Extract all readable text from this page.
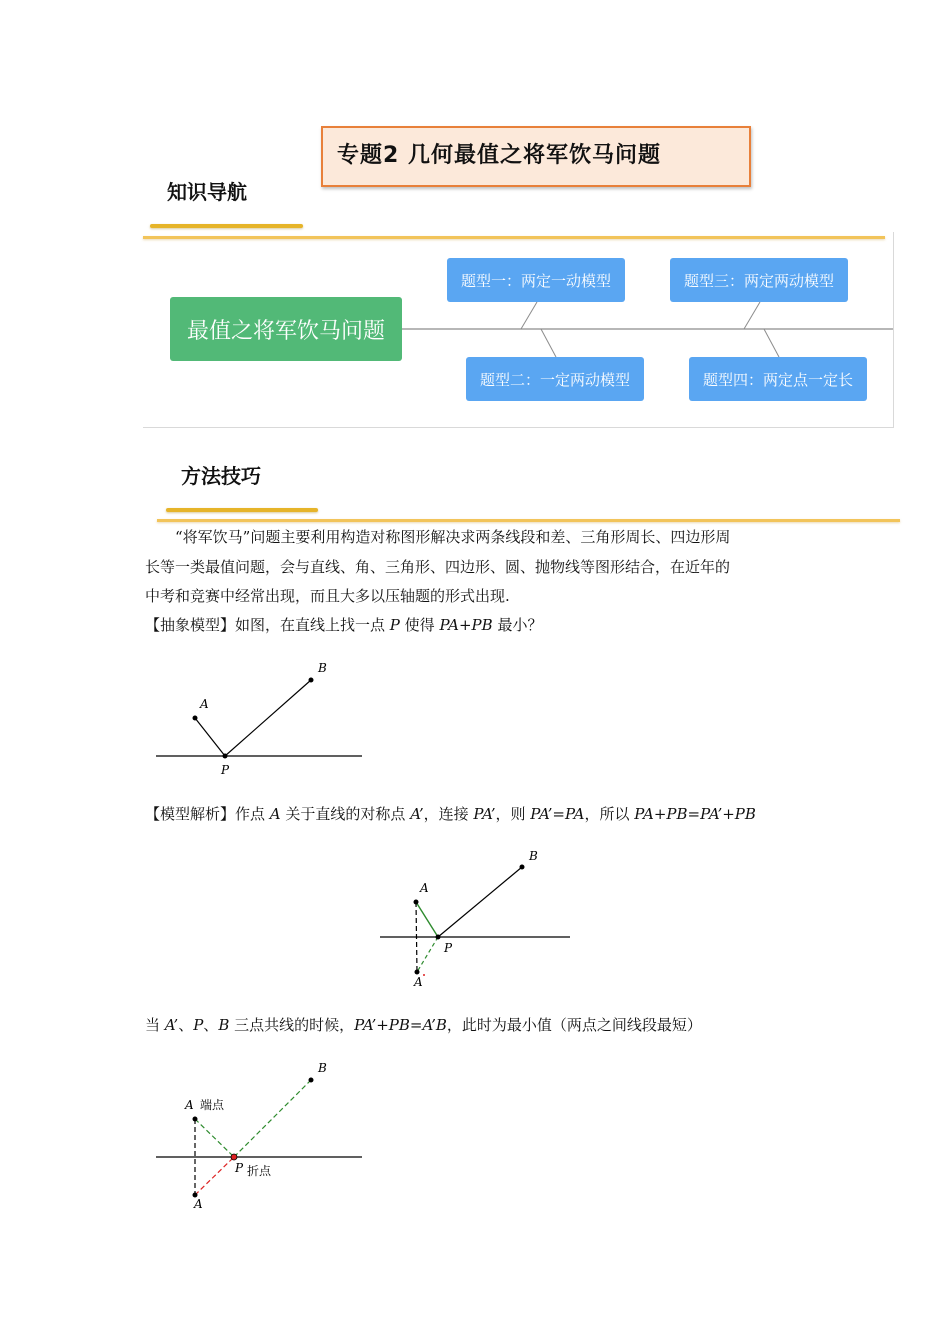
专题2 几何最值之将军饮马问题
知识导航
最值之将军饮马问题
题型一：两定一动模型
题型二：一定两动模型
题型三：两定两动模型
题型四：两定点一定长
方法技巧
“将军饮马”问题主要利用构造对称图形解决求两条线段和差、三角形周长、四边形周
长等一类最值问题，会与直线、角、三角形、四边形、圆、抛物线等图形结合，在近年的
中考和竞赛中经常出现，而且大多以压轴题的形式出现.
【抽象模型】如图，在直线上找一点 P 使得 PA+PB 最小？
A
B
P
【模型解析】作点 A 关于直线的对称点 A’，连接 PA’，则 PA’=PA，所以 PA+PB=PA’+PB
A
B
P
A
当 A’、P、B 三点共线的时候，PA’+PB=A’B，此时为最小值（两点之间线段最短）
A 端点
B
P 折点
A
